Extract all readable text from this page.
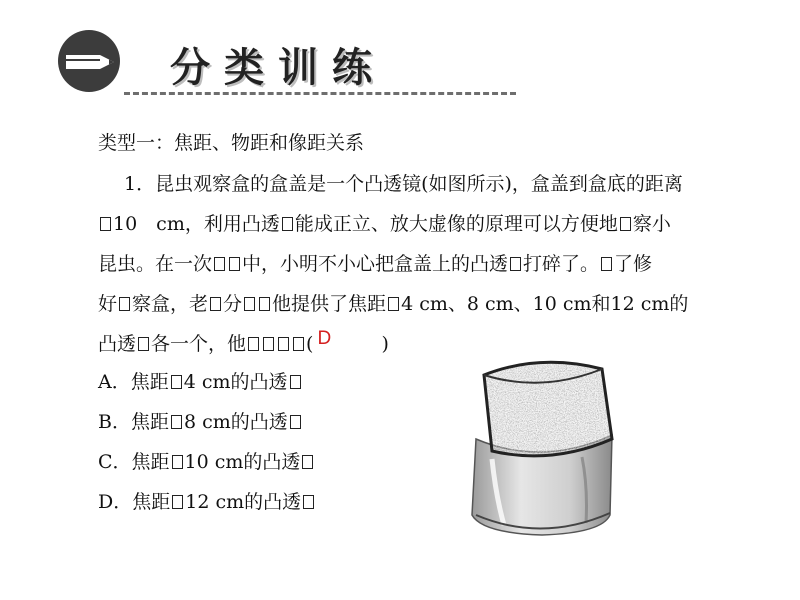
分类训练
类型一：焦距、物距和像距关系
1．昆虫观察盒的盒盖是一个凸透镜(如图所示)，盒盖到盒底的距离
10　cm，利用凸透 能成正立、放大虚像的原理可以方便地 察小
昆虫。在一次 中，小明不小心把盒盖上的凸透 打碎了。 了修
好 察盒，老 分 他提供了焦距 4 cm、8 cm、10 cm和12 cm的
凸透 各一个，他	( D	)
A．焦距 4 cm的凸透
B．焦距 8 cm的凸透
C．焦距 10 cm的凸透
D．焦距 12 cm的凸透
